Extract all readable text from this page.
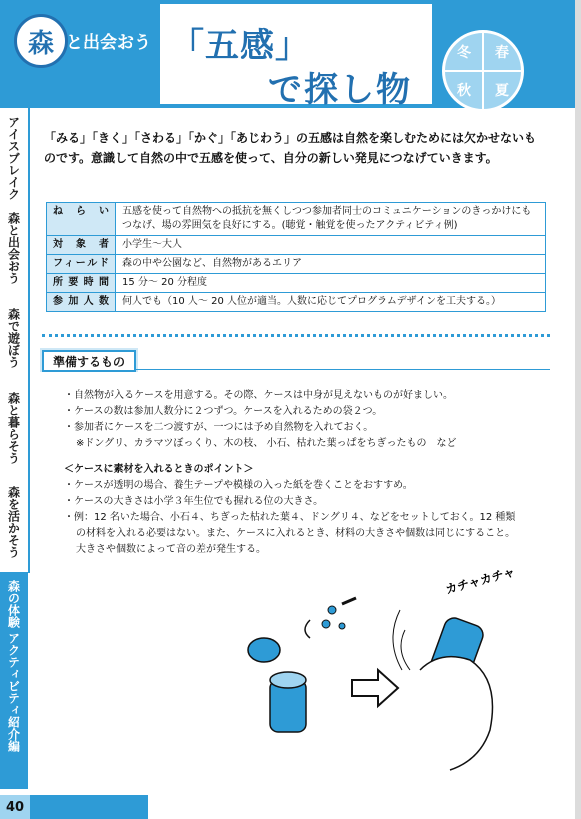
森 と出会おう 「五感」
で探し物
冬	春
秋	夏
アイスブレイク
森と出会おう
森で遊ぼう
森と暮らそう
森を活かそう
森の体験 アクティビティ紹介編
40
「みる」「きく」「さわる」「かぐ」「あじわう」の五感は自然を楽しむためには欠かせないものです。意識して自然の中で五感を使って、自分の新しい発見につなげていきます。
ね　ら　い	五感を使って自然物への抵抗を無くしつつ参加者同士のコミュニケーションのきっかけにもつなげ、場の雰囲気を良好にする。(聴覚・触覚を使ったアクティビティ例)
対　象　者	小学生～大人
フィールド	森の中や公園など、自然物があるエリア
所 要 時 間	15 分～ 20 分程度
参 加 人 数	何人でも（10 人～ 20 人位が適当。人数に応じてプログラムデザインを工夫する。）
準備するもの

・自然物が入るケースを用意する。その際、ケースは中身が見えないものが好ましい。

・ケースの数は参加人数分に２つずつ。ケースを入れるための袋２つ。

・参加者にケースを二つ渡すが、一つには予め自然物を入れておく。

※ドングリ、カラマツぼっくり、木の枝、 小石、枯れた葉っぱをちぎったもの　など

＜ケースに素材を入れるときのポイント＞

・ケースが透明の場合、養生テープや模様の入った紙を巻くことをおすすめ。

・ケースの大きさは小学３年生位でも握れる位の大きさ。

・例：12 名いた場合、小石４、ちぎった枯れた葉４、ドングリ４、などをセットしておく。12 種類

の材料を入れる必要はない。また、ケースに入れるとき、材料の大きさや個数は同じにすること。

大きさや個数によって音の差が発生する。

カチャカチャ
